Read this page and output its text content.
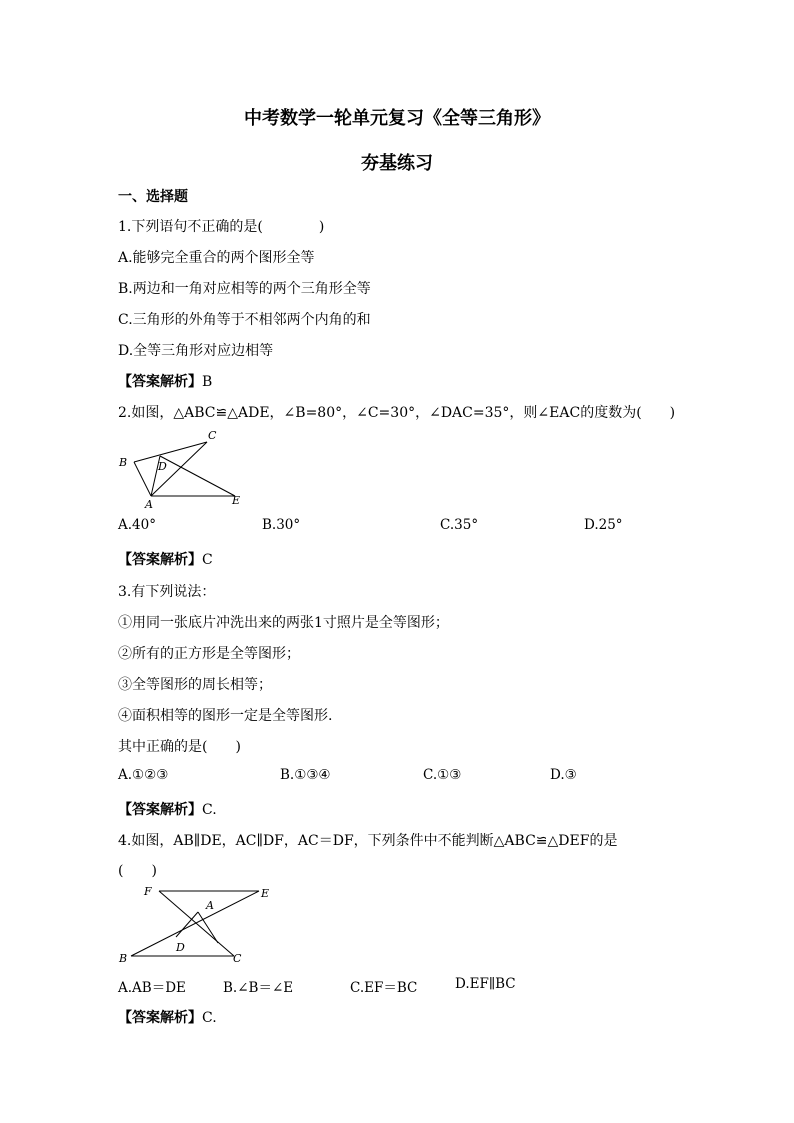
中考数学一轮单元复习《全等三角形》
夯基练习
一、选择题
1.下列语句不正确的是(　　　　)
A.能够完全重合的两个图形全等
B.两边和一角对应相等的两个三角形全等
C.三角形的外角等于不相邻两个内角的和
D.全等三角形对应边相等
【答案解析】B
2.如图，△ABC≌△ADE，∠B=80°，∠C=30°，∠DAC=35°，则∠EAC的度数为(　　)
C
B	D
A	E
A.40°	B.30°	C.35°	D.25°
【答案解析】C
3.有下列说法：
①用同一张底片冲洗出来的两张1寸照片是全等图形；
②所有的正方形是全等图形；
③全等图形的周长相等；
④面积相等的图形一定是全等图形.
其中正确的是(　　)
A.①②③	B.①③④	C.①③	D.③
【答案解析】C.
4.如图，AB∥DE，AC∥DF，AC＝DF，下列条件中不能判断△ABC≌△DEF的是
(　　)
F	E
A
D
B	C
A.AB＝DE	B.∠B＝∠E	C.EF＝BC	D.EF∥BC
【答案解析】C.
